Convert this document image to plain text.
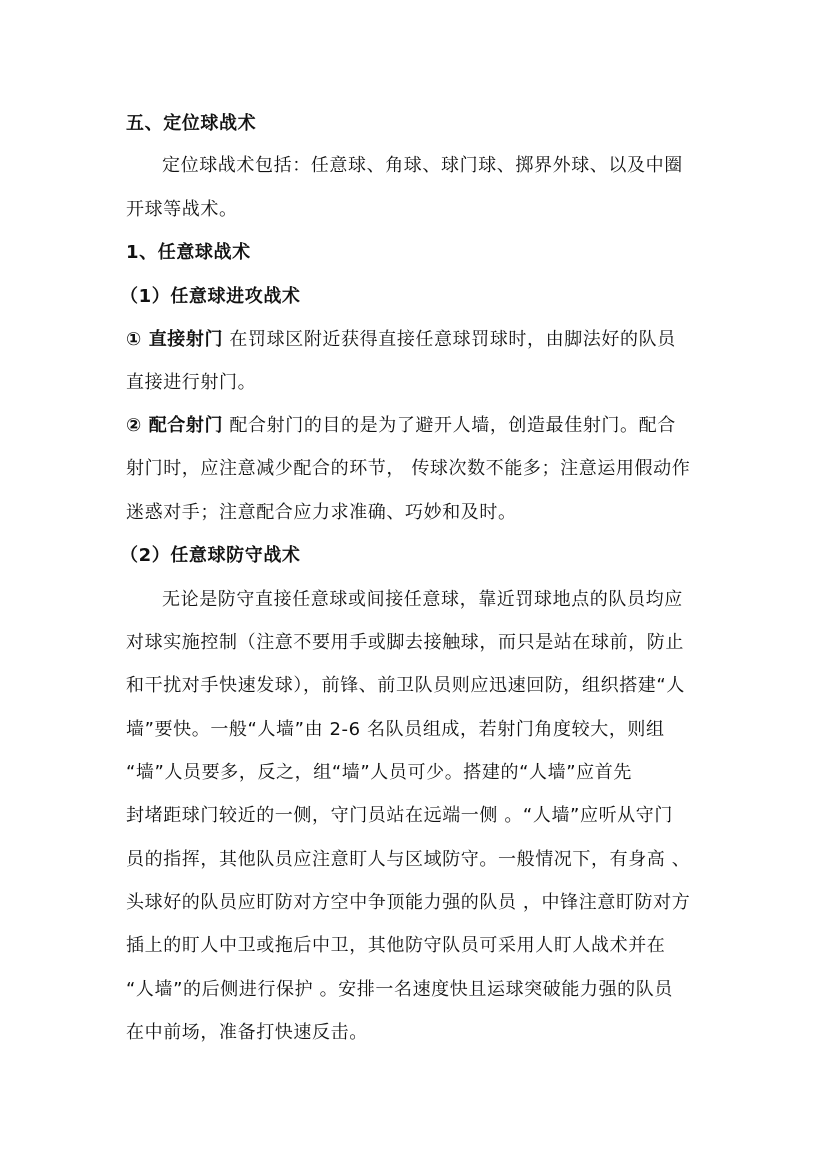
五、定位球战术
定位球战术包括：任意球、角球、球门球、掷界外球、以及中圈
开球等战术。
1、任意球战术
（1）任意球进攻战术
① 直接射门 在罚球区附近获得直接任意球罚球时，由脚法好的队员
直接进行射门。
② 配合射门 配合射门的目的是为了避开人墙，创造最佳射门。配合
射门时，应注意减少配合的环节， 传球次数不能多；注意运用假动作
迷惑对手；注意配合应力求准确、巧妙和及时。
（2）任意球防守战术
无论是防守直接任意球或间接任意球，靠近罚球地点的队员均应
对球实施控制（注意不要用手或脚去接触球，而只是站在球前，防止
和干扰对手快速发球），前锋、前卫队员则应迅速回防，组织搭建“人
墙”要快。一般“人墙”由 2-6 名队员组成，若射门角度较大，则组
“墙”人员要多，反之，组“墙”人员可少。搭建的“人墙”应首先
封堵距球门较近的一侧，守门员站在远端一侧 。“人墙”应听从守门
员的指挥，其他队员应注意盯人与区域防守。一般情况下，有身高 、
头球好的队员应盯防对方空中争顶能力强的队员 ，中锋注意盯防对方
插上的盯人中卫或拖后中卫，其他防守队员可采用人盯人战术并在
“人墙”的后侧进行保护 。安排一名速度快且运球突破能力强的队员
在中前场，准备打快速反击。
